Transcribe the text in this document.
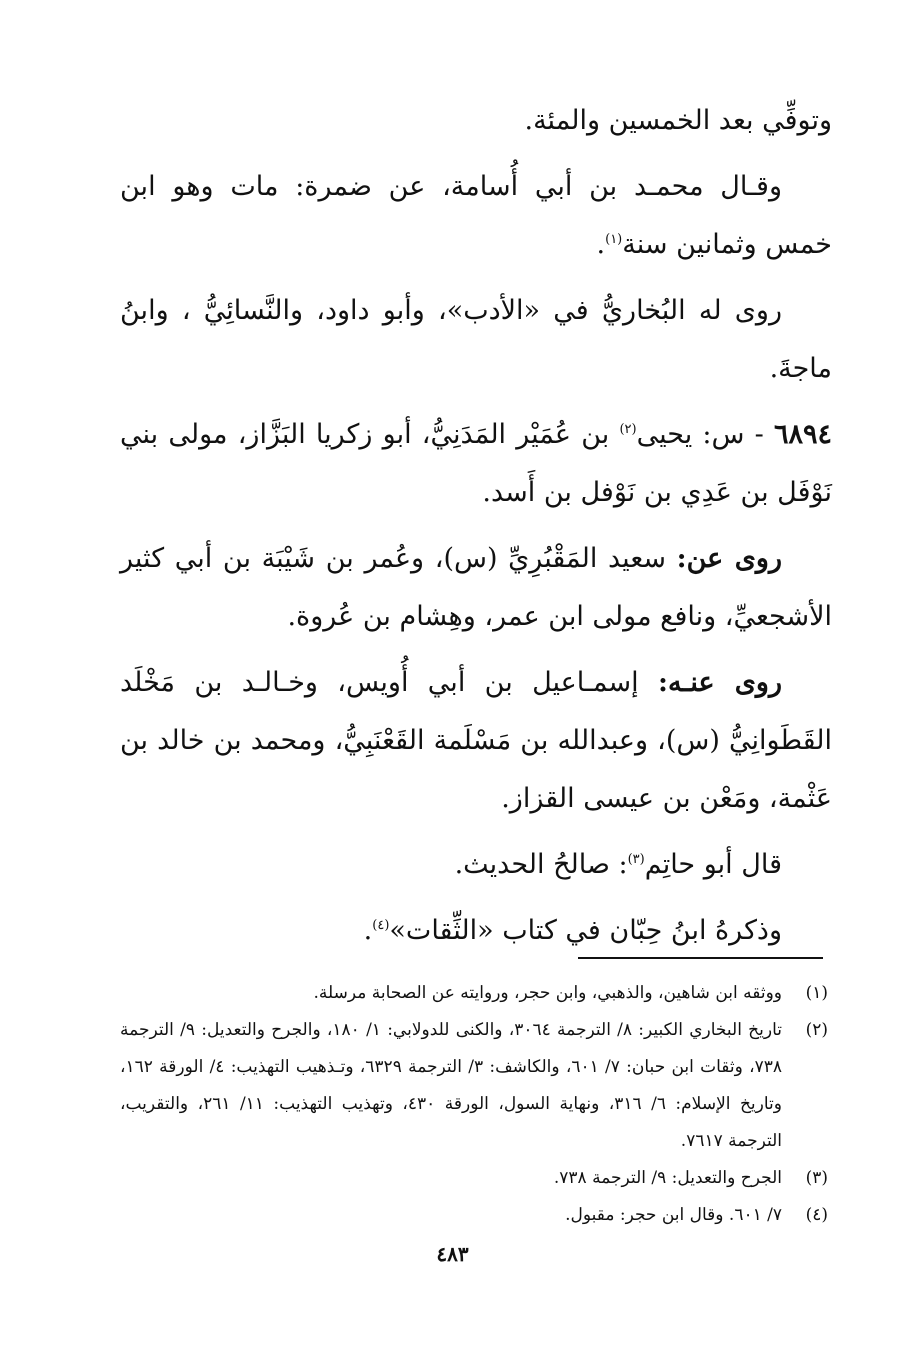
وتوفِّي بعد الخمسين والمئة.

وقـال محمـد بن أبي أُسامة، عن ضمرة: مات وهو ابن خمس وثمانين سنة$^{(١)}$.

روى له البُخاريُّ في «الأدب»، وأبو داود، والنَّسائِيُّ ، وابنُ ماجةَ.

٦٨٩٤ - س: يحيى$^{(٢)}$ بن عُمَيْر المَدَنِيُّ، أبو زكريا البَزَّاز، مولى بني نَوْفَل بن عَدِي بن نَوْفل بن أَسد.

روى عن: سعيد المَقْبُرِيِّ (س)، وعُمر بن شَيْبَة بن أبي كثير الأشجعيِّ، ونافع مولى ابن عمر، وهِشام بن عُروة.

روى عنـه: إسمـاعيل بن أبي أُويس، وخـالـد بن مَخْلَد القَطَوانِيُّ (س)، وعبدالله بن مَسْلَمة القَعْنَبِيُّ، ومحمد بن خالد بن عَثْمة، ومَعْن بن عيسى القزاز.

قال أبو حاتِم$^{(٣)}$: صالحُ الحديث.

وذكرهُ ابنُ حِبّان في كتاب «الثِّقات»$^{(٤)}$.

(١)
ووثقه ابن شاهين، والذهبي، وابن حجر، وروايته عن الصحابة مرسلة.
(٢)
تاريخ البخاري الكبير: ٨/ الترجمة ٣٠٦٤، والكنى للدولابي: ١/ ١٨٠، والجرح والتعديل: ٩/ الترجمة ٧٣٨، وثقات ابن حبان: ٧/ ٦٠١، والكاشف: ٣/ الترجمة ٦٣٢٩، وتـذهيب التهذيب: ٤/ الورقة ١٦٢، وتاريخ الإسلام: ٦/ ٣١٦، ونهاية السول، الورقة ٤٣٠، وتهذيب التهذيب: ١١/ ٢٦١، والتقريب، الترجمة ٧٦١٧.
(٣)
الجرح والتعديل: ٩/ الترجمة ٧٣٨.
(٤)
٧/ ٦٠١. وقال ابن حجر: مقبول.
٤٨٣
